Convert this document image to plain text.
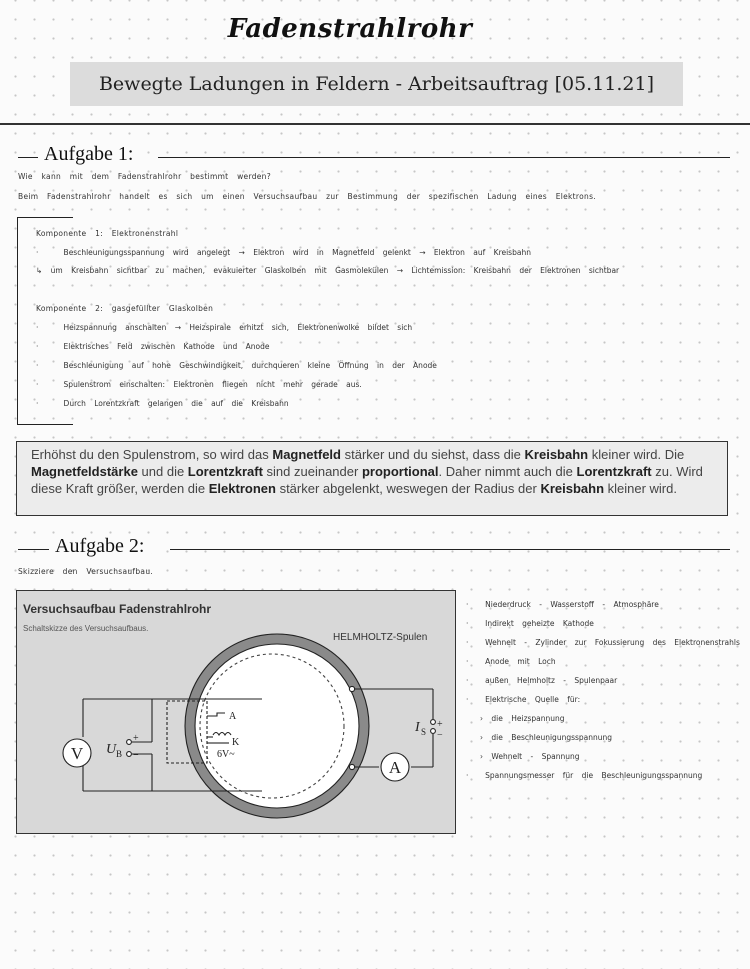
Fadenstrahlrohr
Bewegte Ladungen in Feldern - Arbeitsauftrag [05.11.21]
Aufgabe 1:
Wie kann mit dem Fadenstrahlrohr bestimmt werden?
Beim Fadenstrahlrohr handelt es sich um einen Versuchsaufbau zur Bestimmung der spezifischen Ladung eines Elektrons.
Komponente 1: Elektronenstrahl
·   Beschleunigungsspannung wird angelegt → Elektron wird in Magnetfeld gelenkt → Elektron auf Kreisbahn
↳ um Kreisbahn sichtbar zu machen, evakuierter Glaskolben mit Gasmolekülen → Lichtemission: Kreisbahn der Elektronen sichtbar
Komponente 2: gasgefüllter Glaskolben
·   Heizspannung anschalten → Heizspirale erhitzt sich, Elektronenwolke bildet sich
·   Elektrisches Feld zwischen Kathode und Anode
·   Beschleunigung auf hohe Geschwindigkeit, durchqueren kleine Öffnung in der Anode
·   Spulenstrom einschalten: Elektronen fliegen nicht mehr gerade aus.
·   Durch Lorentzkraft gelangen die auf die Kreisbahn
Erhöhst du den Spulenstrom, so wird das Magnetfeld stärker und du siehst, dass die Kreisbahn kleiner wird. Die Magnetfeldstärke und die Lorentzkraft sind zueinander proportional. Daher nimmt auch die Lorentzkraft zu. Wird diese Kraft größer, werden die Elektronen stärker abgelenkt, weswegen der Radius der Kreisbahn kleiner wird.
Aufgabe 2:
Skizziere den Versuchsaufbau.
Versuchsaufbau Fadenstrahlrohr
Schaltskizze des Versuchsaufbaus.
V
A
U B
I S
+
−
+
−
A
K
6V~
HELMHOLTZ-Spulen
·  Niederdruck - Wasserstoff - Atmosphäre
·  Indirekt geheizte Kathode
·  Wehnelt - Zylinder zur Fokussierung des Elektronenstrahls
·  Anode mit Loch
·  außen Helmholtz - Spulenpaar
·  Elektrische Quelle für:
› die Heizspannung
› die Beschleunigungsspannung
› Wehnelt - Spannung
·  Spannungsmesser für die Beschleunigungsspannung
